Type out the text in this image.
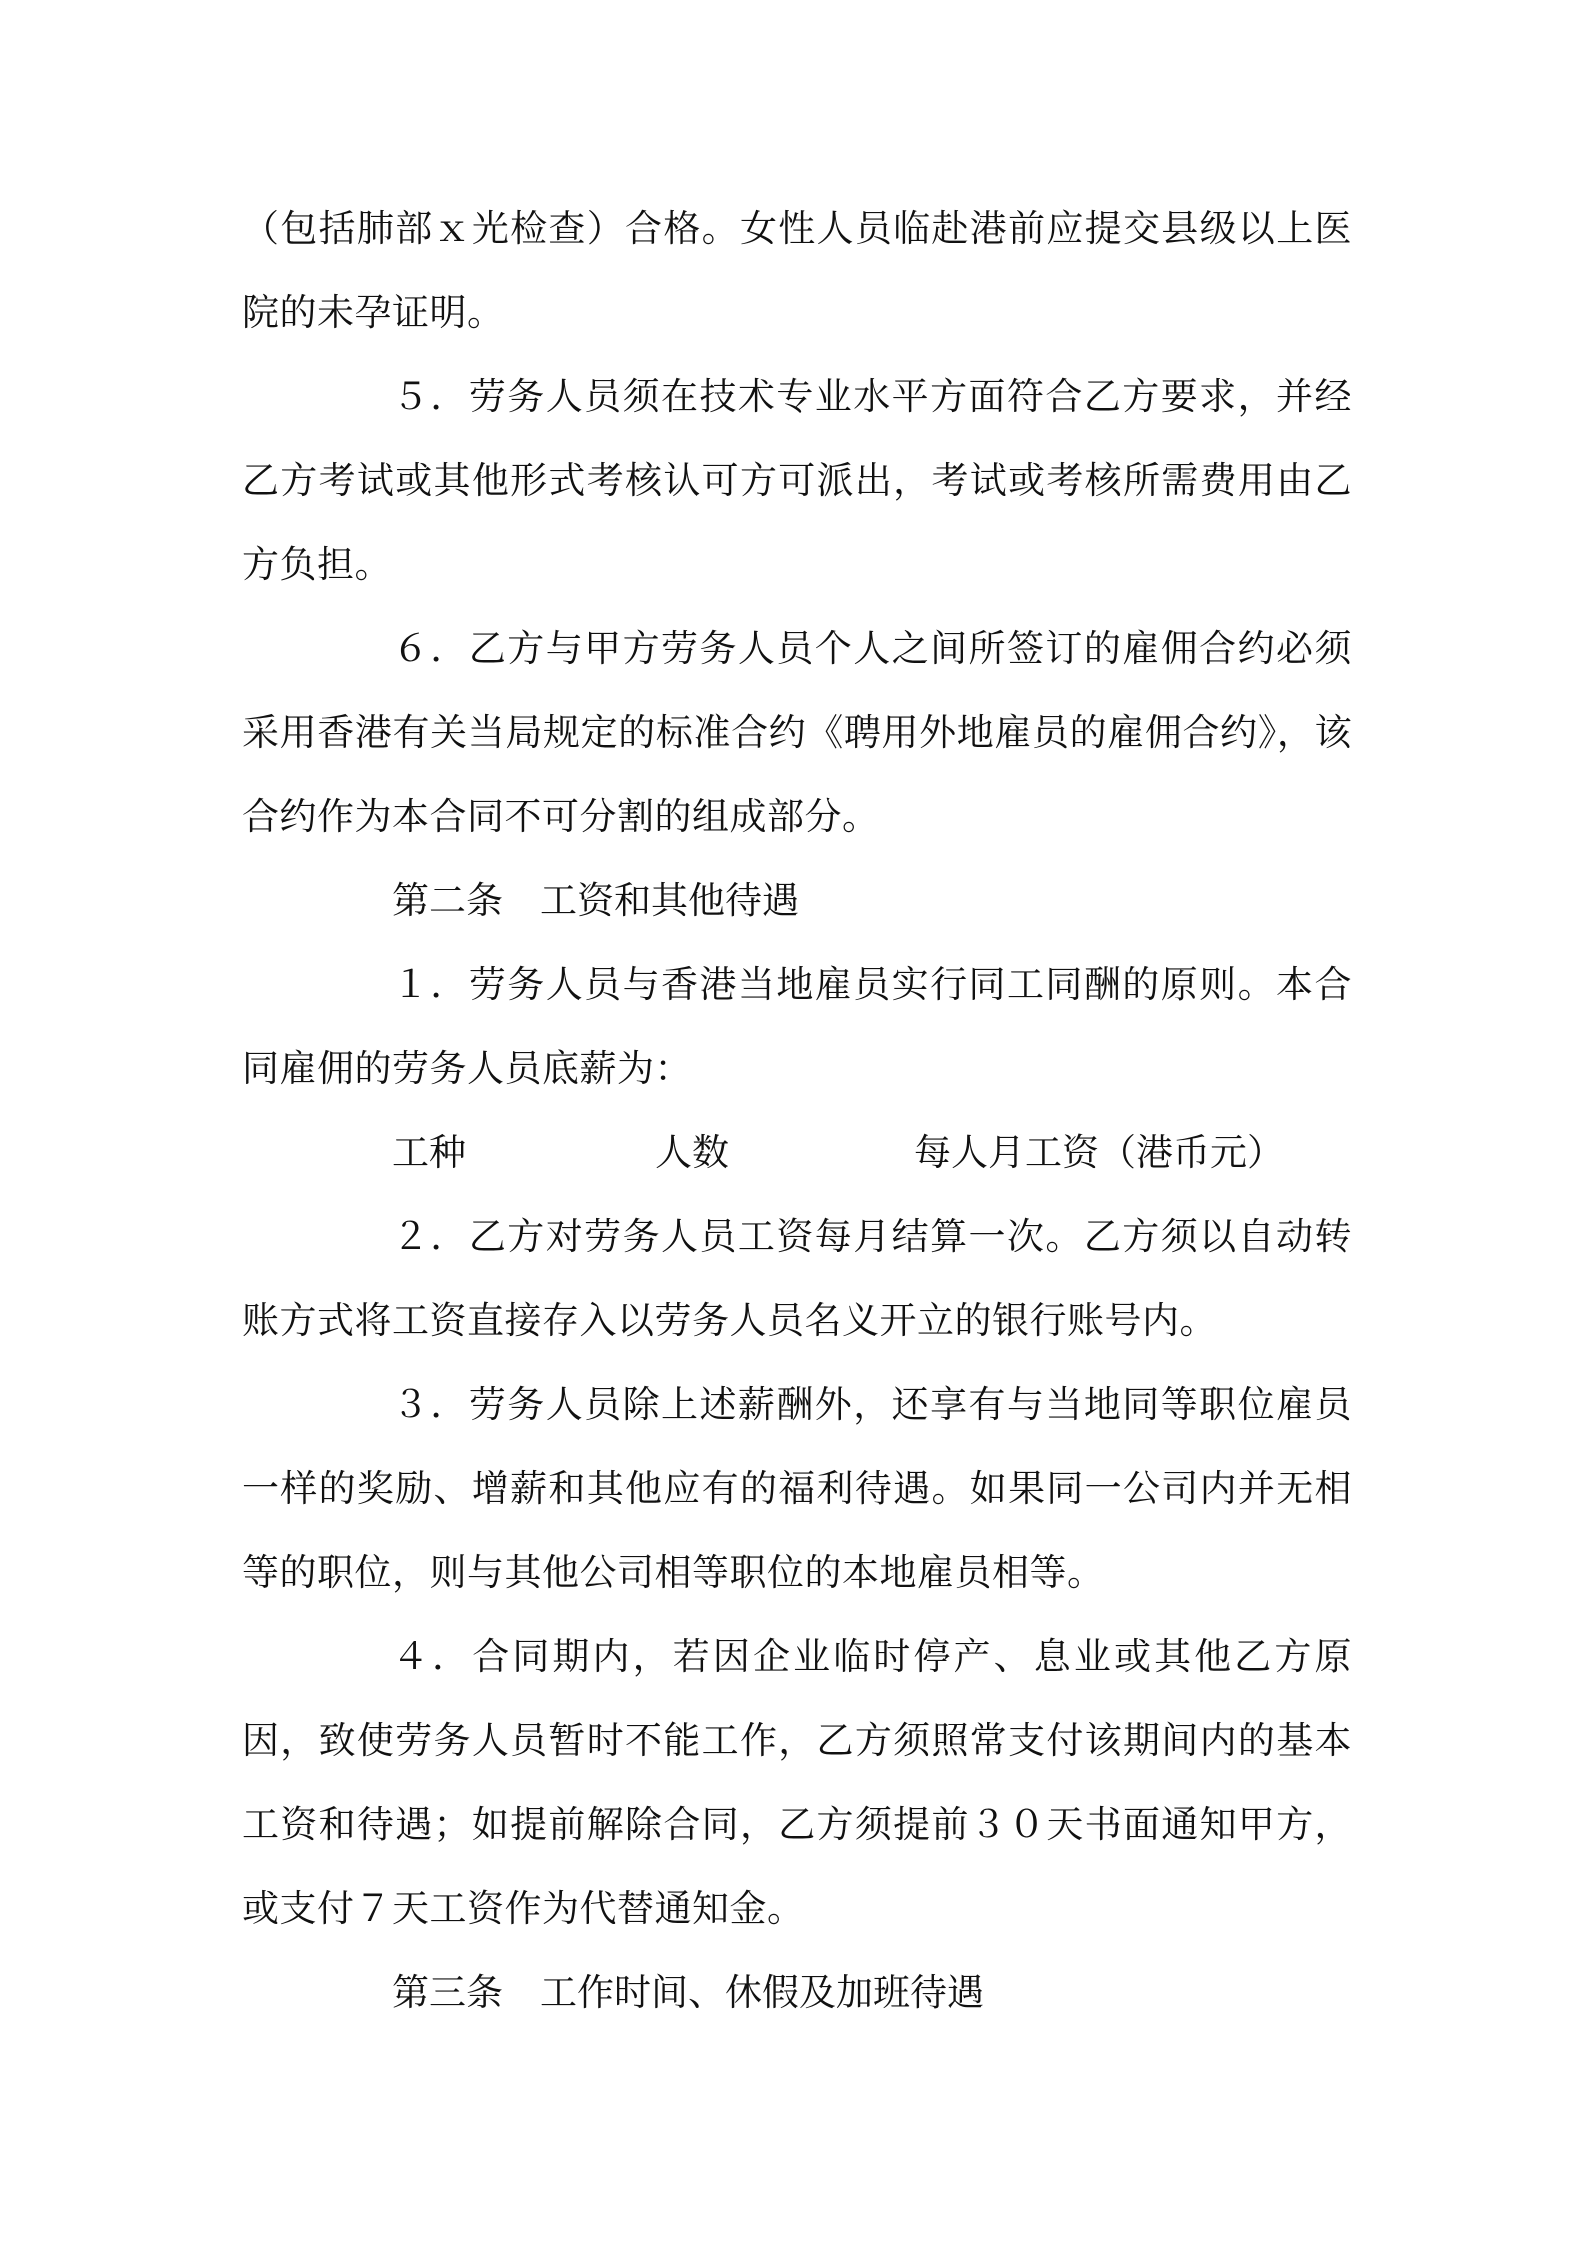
（包括肺部ｘ光检查）合格。女性人员临赴港前应提交县级以上医院的未孕证明。

５．劳务人员须在技术专业水平方面符合乙方要求，并经乙方考试或其他形式考核认可方可派出，考试或考核所需费用由乙方负担。

６．乙方与甲方劳务人员个人之间所签订的雇佣合约必须采用香港有关当局规定的标准合约《聘用外地雇员的雇佣合约》，该合约作为本合同不可分割的组成部分。

第二条　工资和其他待遇

１．劳务人员与香港当地雇员实行同工同酬的原则。本合同雇佣的劳务人员底薪为：

工种	人数	每人月工资（港币元）

２．乙方对劳务人员工资每月结算一次。乙方须以自动转账方式将工资直接存入以劳务人员名义开立的银行账号内。

３．劳务人员除上述薪酬外，还享有与当地同等职位雇员一样的奖励、增薪和其他应有的福利待遇。如果同一公司内并无相等的职位，则与其他公司相等职位的本地雇员相等。

４．合同期内，若因企业临时停产、息业或其他乙方原因，致使劳务人员暂时不能工作，乙方须照常支付该期间内的基本工资和待遇；如提前解除合同，乙方须提前３０天书面通知甲方，或支付７天工资作为代替通知金。

第三条　工作时间、休假及加班待遇
